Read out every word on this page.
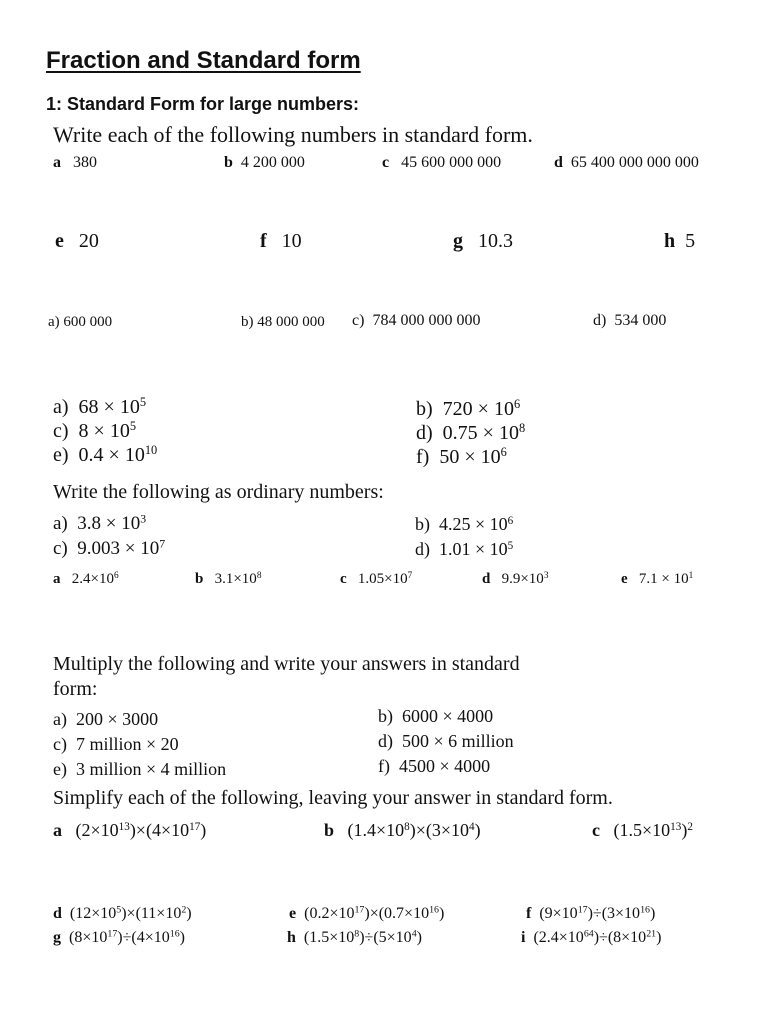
Fraction and Standard form
1: Standard Form for large numbers:
Write each of the following numbers in standard form.
a 380	b 4 200 000	c 45 600 000 000	d 65 400 000 000 000
e 20	f 10	g 10.3	h 5
a) 600 000	b) 48 000 000 c) 784 000 000 000	d) 534 000
a) $68 \times 10^5$	b) $720 \times 10^6$
c) $8 \times 10^5$	d) $0.75 \times 10^8$
e) $0.4 \times 10^{10}$	f) $50 \times 10^6$
Write the following as ordinary numbers:
a) $3.8 \times 10^3$	b) $4.25 \times 10^6$
c) $9.003 \times 10^7$	d) $1.01 \times 10^5$
a $2.4\times 10^6$	b $3.1\times 10^8$	c $1.05\times 10^7$	d $9.9\times 10^3$	e $7.1 \times 10^1$
Multiply the following and write your answers in standard
form:
a) 200 × 3000	b) 6000 × 4000
c) 7 million × 20	d) 500 × 6 million
e) 3 million × 4 million	f) 4500 × 4000
Simplify each of the following, leaving your answer in standard form.
a $(2\times 10^{13})\times(4\times 10^{17})$	b $(1.4\times 10^8)\times(3\times 10^4)$	c $(1.5\times 10^{13})^2$
d $(12\times 10^5)\times(11\times 10^2)$	e $(0.2\times 10^{17})\times(0.7\times 10^{16})$	f $(9\times 10^{17})\div(3\times 10^{16})$
g $(8\times 10^{17})\div(4\times 10^{16})$	h $(1.5\times 10^8)\div(5\times 10^4)$	i $(2.4\times 10^{64})\div(8\times 10^{21})$
